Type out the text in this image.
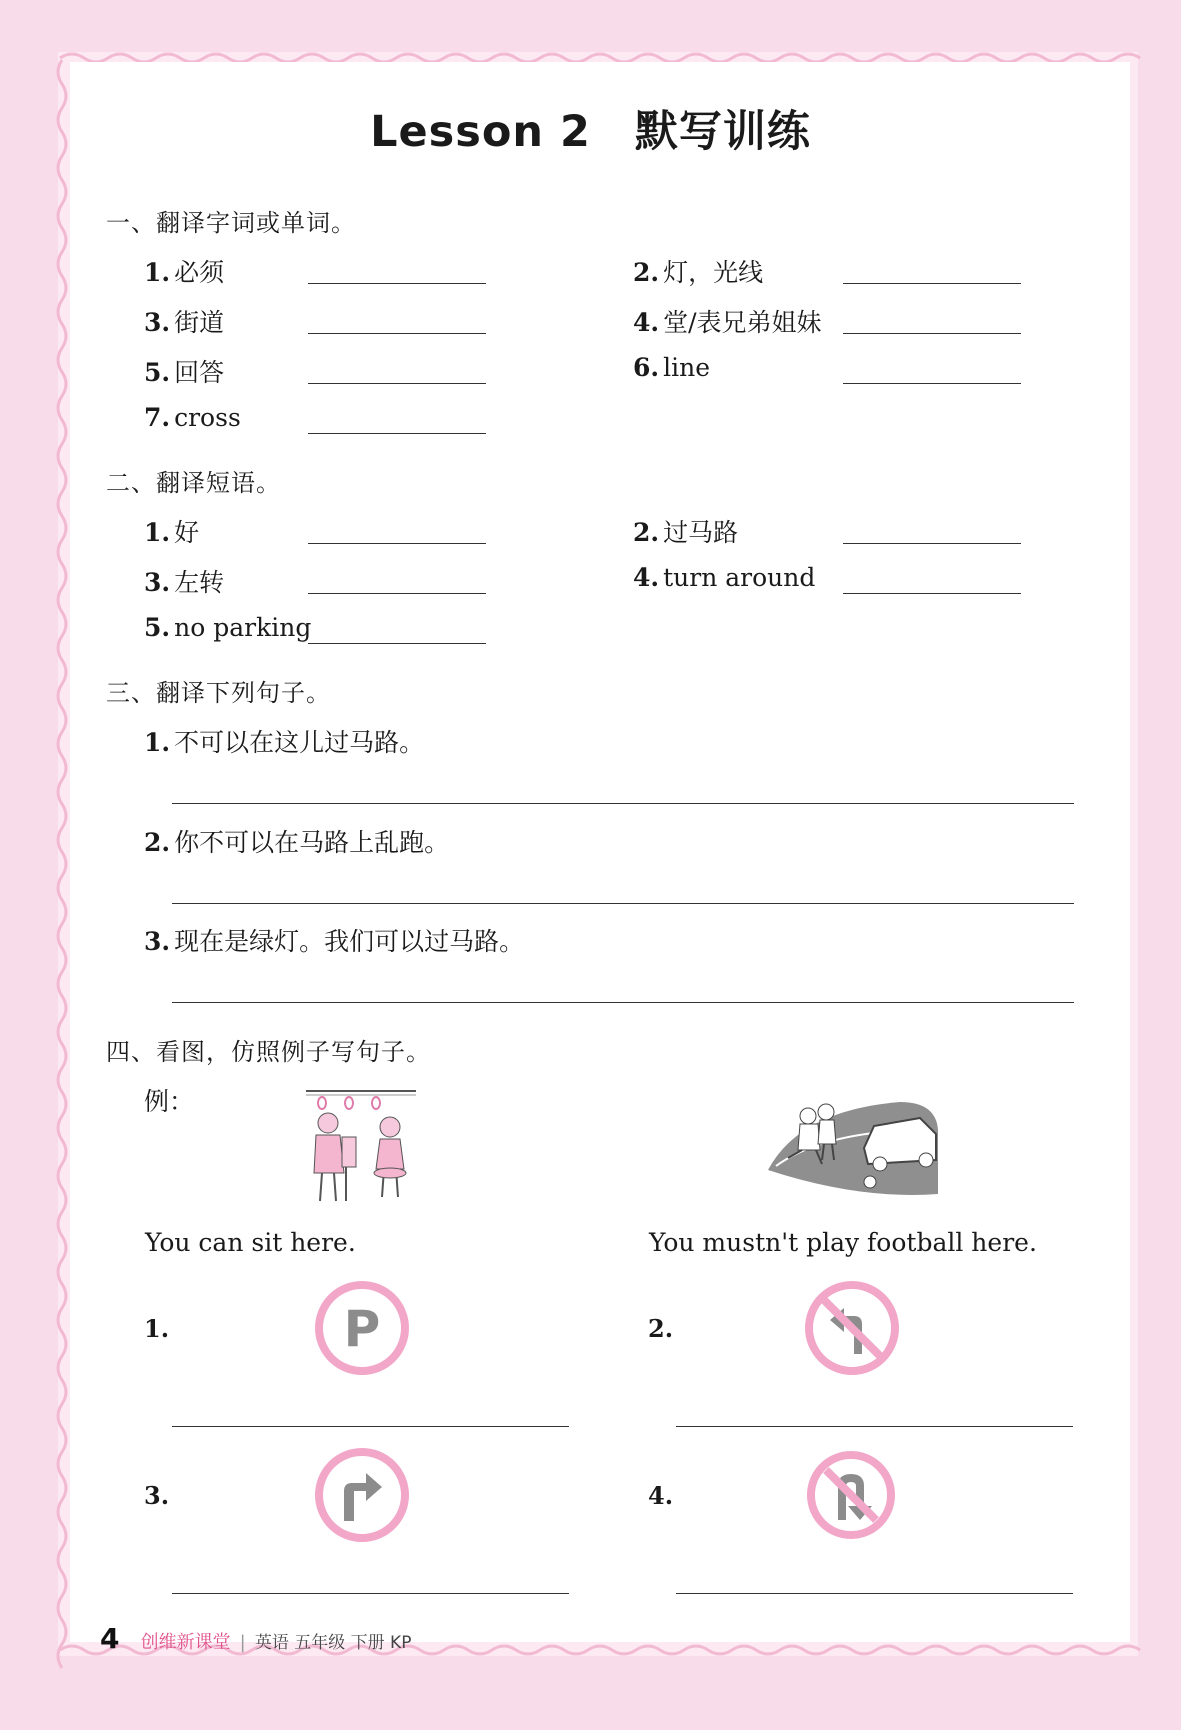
Lesson 2　默写训练
一、翻译字词或单词。
1. 必须	2. 灯，光线
3. 街道	4. 堂/表兄弟姐妹
5. 回答	6. line
7. cross
二、翻译短语。
1. 好	2. 过马路
3. 左转	4. turn around
5. no parking
三、翻译下列句子。
1. 不可以在这儿过马路。
2. 你不可以在马路上乱跑。
3. 现在是绿灯。我们可以过马路。
四、看图，仿照例子写句子。
例：
You can sit here.	You mustn't play football here.
1.	P	2.
3.	4.
4 创维新课堂 | 英语 五年级 下册 KP
